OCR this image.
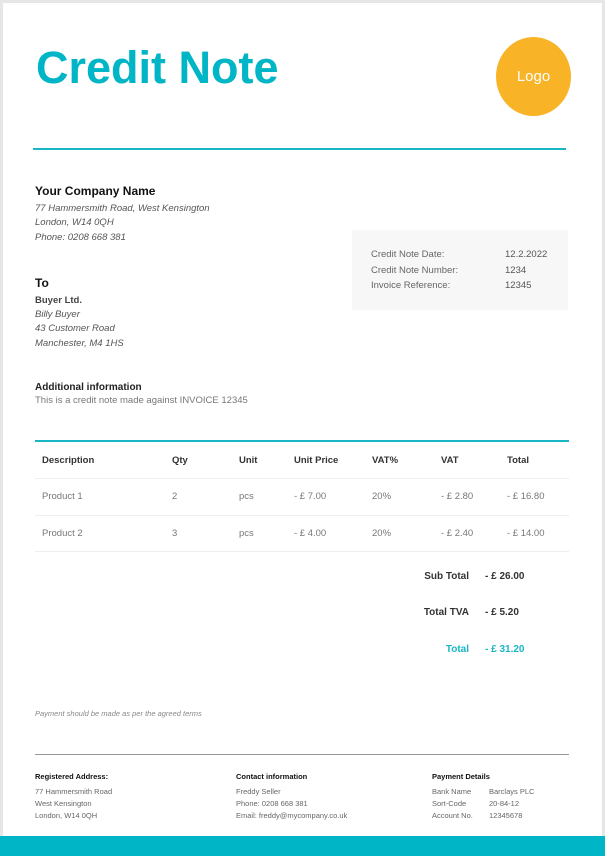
Credit Note	Logo
Your Company Name
77 Hammersmith Road, West Kensington
London, W14 0QH
Phone: 0208 668 381
To
Buyer Ltd.
Billy Buyer
43 Customer Road
Manchester, M4 1HS
Credit Note Date:	12.2.2022
Credit Note Number:	1234
Invoice Reference:	12345
Additional information
This is a credit note made against INVOICE 12345
Description	Qty	Unit	Unit Price	VAT%	VAT	Total
Product 1	2	pcs	- £ 7.00	20%	- £ 2.80	- £ 16.80
Product 2	3	pcs	- £ 4.00	20%	- £ 2.40	- £ 14.00
Sub Total	- £ 26.00
Total TVA	- £ 5.20
Total	- £ 31.20
Payment should be made as per the agreed terms
Registered Address:
77 Hammersmith Road
West Kensington
London, W14 0QH
Contact information
Freddy Seller
Phone: 0208 668 381
Email: freddy@mycompany.co.uk
Payment Details
Bank Name	Barclays PLC
Sort-Code	20-84-12
Account No.	12345678
